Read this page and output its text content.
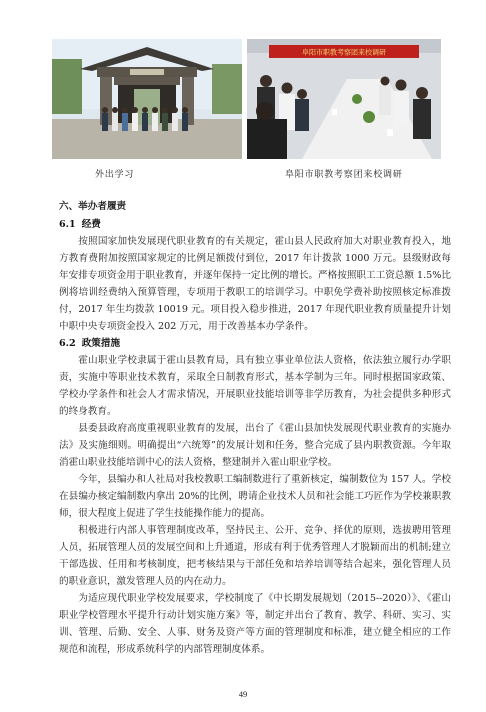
阜阳市职教考察团来校调研
外出学习	阜阳市职教考察团来校调研
六、举办者履责
6.1 经费

按照国家加快发展现代职业教育的有关规定，霍山县人民政府加大对职业教育投入，地方教育费附加按照国家规定的比例足额拨付到位，2017 年计拨款 1000 万元。县级财政每年安排专项资金用于职业教育，并逐年保持一定比例的增长。严格按照职工工资总额 1.5%比例将培训经费纳入预算管理，专项用于教职工的培训学习。中职免学费补助按照核定标准拨付，2017 年生均拨款 10019 元。项目投入稳步推进，2017 年现代职业教育质量提升计划中职中央专项资金投入 202 万元，用于改善基本办学条件。

6.2 政策措施

霍山职业学校隶属于霍山县教育局，具有独立事业单位法人资格，依法独立履行办学职责，实施中等职业技术教育，采取全日制教育形式，基本学制为三年。同时根据国家政策、学校办学条件和社会人才需求情况，开展职业技能培训等非学历教育，为社会提供多种形式的终身教育。

县委县政府高度重视职业教育的发展，出台了《霍山县加快发展现代职业教育的实施办法》及实施细则。明确提出“六统筹”的发展计划和任务，整合完成了县内职教资源。今年取消霍山职业技能培训中心的法人资格，整建制并入霍山职业学校。

今年，县编办和人社局对我校教职工编制数进行了重新核定，编制数位为 157 人。学校在县编办核定编制数内拿出 20%的比例，聘请企业技术人员和社会能工巧匠作为学校兼职教师，很大程度上促进了学生技能操作能力的提高。

积极进行内部人事管理制度改革，坚持民主、公开、竞争、择优的原则，选拔聘用管理人员，拓展管理人员的发展空间和上升通道，形成有利于优秀管理人才脱颖而出的机制;建立干部选拔、任用和考核制度，把考核结果与干部任免和培养培训等结合起来，强化管理人员的职业意识，激发管理人员的内在动力。

为适应现代职业学校发展要求，学校制度了《中长期发展规划（2015--2020）》、《霍山职业学校管理水平提升行动计划实施方案》等，制定并出台了教育、教学、科研、实习、实训、管理、后勤、安全、人事、财务及资产等方面的管理制度和标准，建立健全相应的工作规范和流程，形成系统科学的内部管理制度体系。

49
